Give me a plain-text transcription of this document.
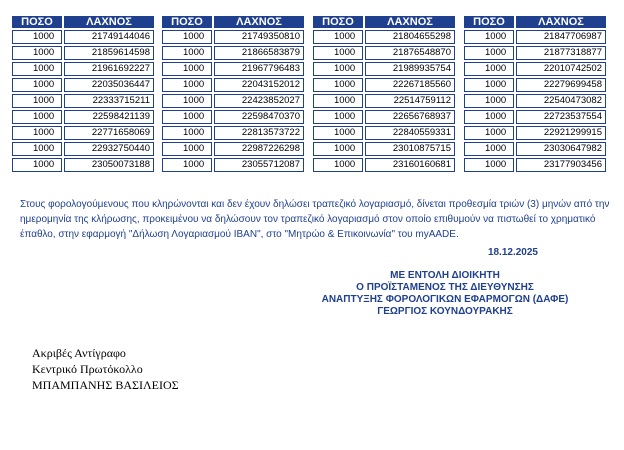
ΠΟΣΟ	ΛΑΧΝΟΣ
1000	21749144046
1000	21859614598
1000	21961692227
1000	22035036447
1000	22333715211
1000	22598421139
1000	22771658069
1000	22932750440
1000	23050073188
ΠΟΣΟ	ΛΑΧΝΟΣ
1000	21749350810
1000	21866583879
1000	21967796483
1000	22043152012
1000	22423852027
1000	22598470370
1000	22813573722
1000	22987226298
1000	23055712087
ΠΟΣΟ	ΛΑΧΝΟΣ
1000	21804655298
1000	21876548870
1000	21989935754
1000	22267185560
1000	22514759112
1000	22656768937
1000	22840559331
1000	23010875715
1000	23160160681
ΠΟΣΟ	ΛΑΧΝΟΣ
1000	21847706987
1000	21877318877
1000	22010742502
1000	22279699458
1000	22540473082
1000	22723537554
1000	22921299915
1000	23030647982
1000	23177903456
Στους φορολογούμενους που κληρώνονται και δεν έχουν δηλώσει τραπεζικό λογαριασμό, δίνεται προθεσμία τριών (3) μηνών από την ημερομηνία της κλήρωσης, προκειμένου να δηλώσουν τον τραπεζικό λογαριασμό στον οποίο επιθυμούν να πιστωθεί το χρηματικό έπαθλο, στην εφαρμογή "Δήλωση Λογαριασμού IBAN", στο "Μητρώο & Επικοινωνία" του myAADE.
18.12.2025
ΜΕ ΕΝΤΟΛΗ ΔΙΟΙΚΗΤΗ
Ο ΠΡΟΪΣΤΑΜΕΝΟΣ ΤΗΣ ΔΙΕΥΘΥΝΣΗΣ
ΑΝΑΠΤΥΞΗΣ ΦΟΡΟΛΟΓΙΚΩΝ ΕΦΑΡΜΟΓΩΝ (ΔΑΦΕ)
ΓΕΩΡΓΙΟΣ ΚΟΥΝΔΟΥΡΑΚΗΣ
Ακριβές Αντίγραφο
Κεντρικό Πρωτόκολλο
ΜΠΑΜΠΑΝΗΣ ΒΑΣΙΛΕΙΟΣ
